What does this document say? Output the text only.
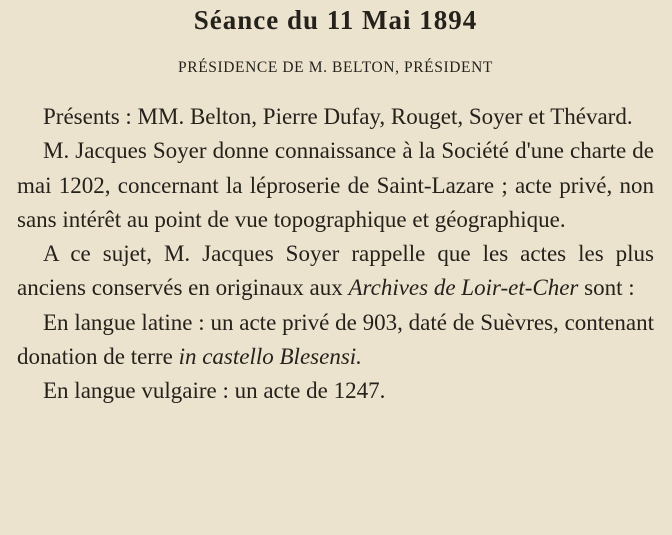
Séance du 11 Mai 1894
PRÉSIDENCE DE M. BELTON, PRÉSIDENT

Présents : MM. Belton, Pierre Dufay, Rouget, Soyer et Thévard.

M. Jacques Soyer donne connaissance à la Société d'une charte de mai 1202, concernant la léproserie de Saint-Lazare ; acte privé, non sans intérêt au point de vue topographique et géographique.

A ce sujet, M. Jacques Soyer rappelle que les actes les plus anciens conservés en originaux aux Archives de Loir-et-Cher sont :

En langue latine : un acte privé de 903, daté de Suèvres, contenant donation de terre in castello Blesensi.

En langue vulgaire : un acte de 1247.
